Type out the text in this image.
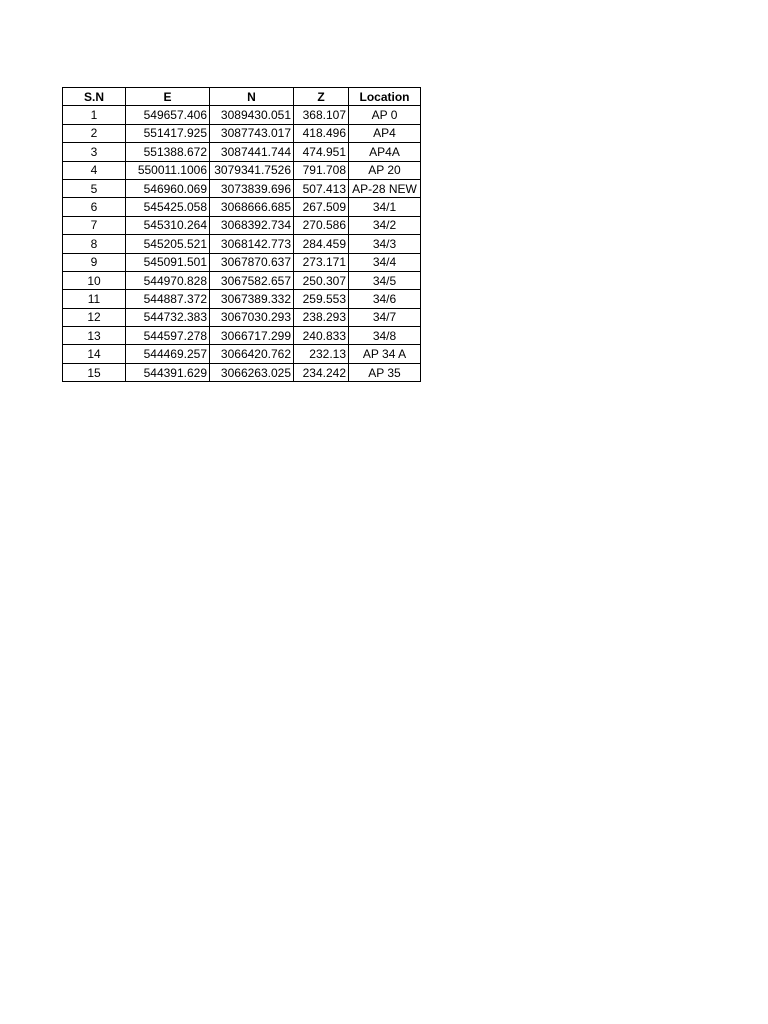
S.N	E	N	Z	Location
1	549657.406	3089430.051	368.107	AP 0
2	551417.925	3087743.017	418.496	AP4
3	551388.672	3087441.744	474.951	AP4A
4	550011.1006	3079341.7526	791.708	AP 20
5	546960.069	3073839.696	507.413	AP-28 NEW
6	545425.058	3068666.685	267.509	34/1
7	545310.264	3068392.734	270.586	34/2
8	545205.521	3068142.773	284.459	34/3
9	545091.501	3067870.637	273.171	34/4
10	544970.828	3067582.657	250.307	34/5
11	544887.372	3067389.332	259.553	34/6
12	544732.383	3067030.293	238.293	34/7
13	544597.278	3066717.299	240.833	34/8
14	544469.257	3066420.762	232.13	AP 34 A
15	544391.629	3066263.025	234.242	AP 35
